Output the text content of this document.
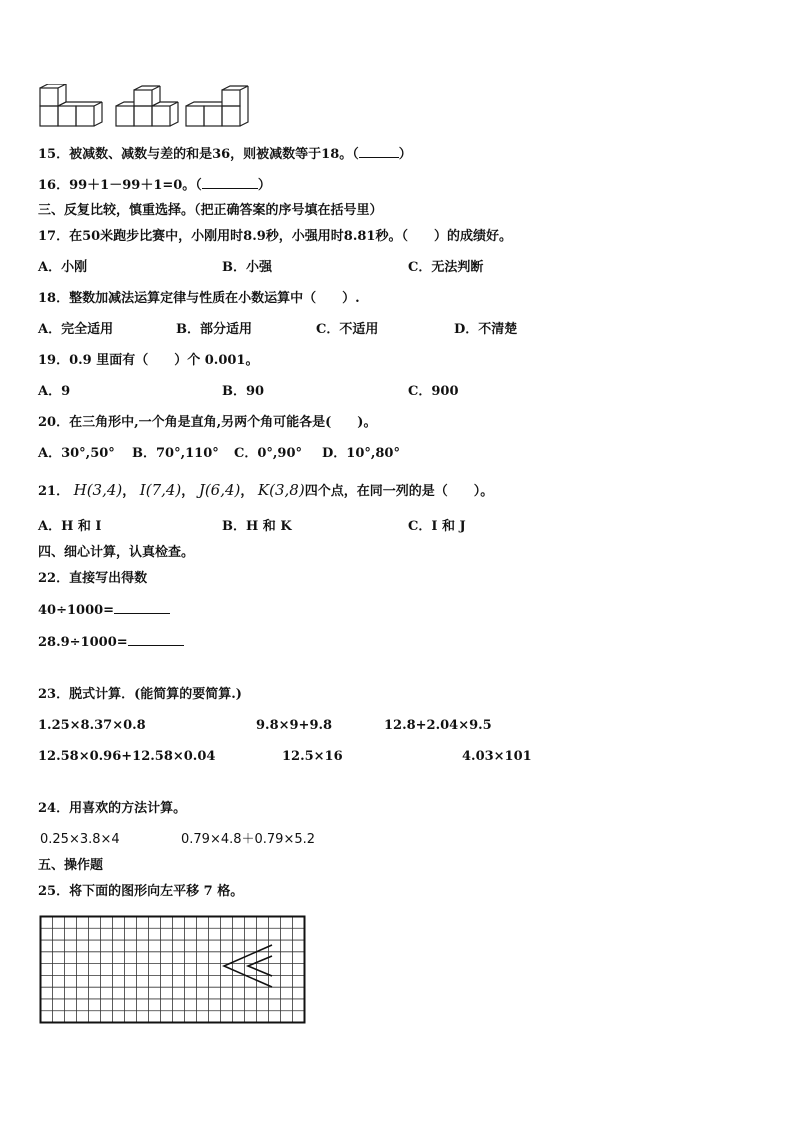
15．被减数、减数与差的和是36，则被减数等于18。（	）
16．99＋1－99＋1=0。（	）
三、反复比较，慎重选择。（把正确答案的序号填在括号里）
17．在50米跑步比赛中，小刚用时8.9秒，小强用时8.81秒。（　　）的成绩好。
A．小刚	B．小强	C．无法判断
18．整数加减法运算定律与性质在小数运算中（　　）.
A．完全适用	B．部分适用	C．不适用	D．不清楚
19．0.9 里面有（　　）个 0.001。
A．9	B．90	C．900
20．在三角形中,一个角是直角,另两个角可能各是(　　)。
A．30°,50° B．70°,110° C．0°,90° D．10°,80°
21． H(3,4)， I(7,4)， J(6,4)， K(3,8)四个点，在同一列的是（　　）。
A．H 和 I	B．H 和 K	C．I 和 J
四、细心计算，认真检查。
22．直接写出得数
40÷1000=
28.9÷1000=
23．脱式计算．(能简算的要简算.)
1.25×8.37×0.8	9.8×9+9.8	12.8+2.04×9.5
12.58×0.96+12.58×0.04	12.5×16	4.03×101
24．用喜欢的方法计算。
0.25×3.8×4	0.79×4.8＋0.79×5.2
五、操作题
25．将下面的图形向左平移 7 格。
